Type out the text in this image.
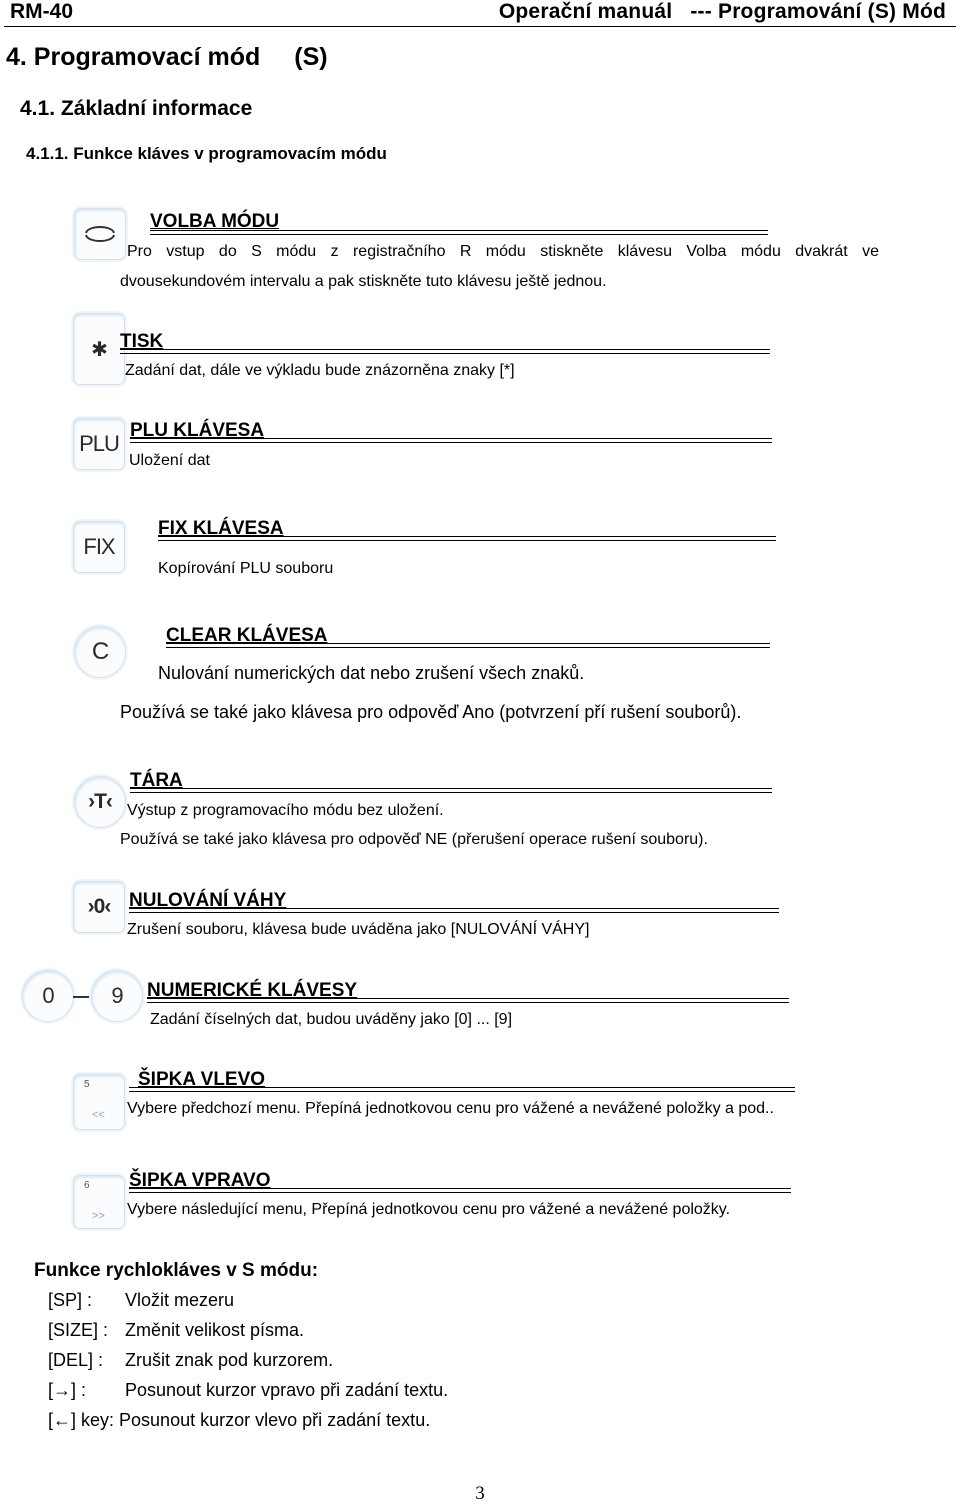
RM-40	Operační manuál   --- Programování (S) Mód
4. Programovací mód (S)
4.1. Základní informace
4.1.1. Funkce kláves v programovacím módu
VOLBA MÓDU
Pro vstup do S módu z registračního R módu stiskněte klávesu Volba módu dvakrát ve
dvousekundovém intervalu a pak stiskněte tuto klávesu ještě jednou.
✱ TISK
Zadání dat, dále ve výkladu bude znázorněna znaky [*]
PLU
PLU KLÁVESA
Uložení dat
FIX
FIX KLÁVESA
Kopírování PLU souboru
C
CLEAR KLÁVESA
Nulování numerických dat nebo zrušení všech znaků.
Používá se také jako klávesa pro odpověď Ano (potvrzení pří rušení souborů).
›T‹
TÁRA
Výstup z programovacího módu bez uložení.
Používá se také jako klávesa pro odpověď NE (přerušení operace rušení souboru).
›0‹ NULOVÁNÍ VÁHY
Zrušení souboru, klávesa bude uváděna jako [NULOVÁNÍ VÁHY]
0	9 NUMERICKÉ KLÁVESY
Zadání číselných dat, budou uváděny jako [0] ... [9]
5
<<
ŠIPKA VLEVO
Vybere předchozí menu. Přepíná jednotkovou cenu pro vážené a nevážené položky a pod..
6
>>
ŠIPKA VPRAVO
Vybere následující menu, Přepíná jednotkovou cenu pro vážené a nevážené položky.
Funkce rychlokláves v S módu:
[SP] : Vložit mezeru
[SIZE] : Změnit velikost písma.
[DEL] : Zrušit znak pod kurzorem.
[→] : Posunout kurzor vpravo při zadání textu.
[←] key: Posunout kurzor vlevo při zadání textu.
3
